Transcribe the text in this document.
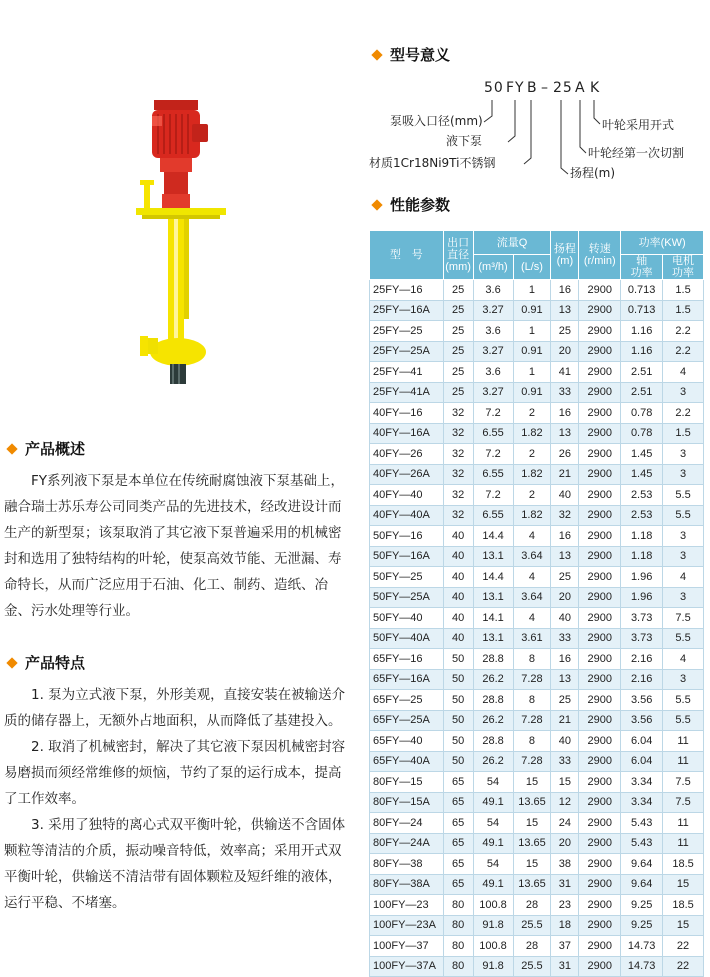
型号意义
50 FY B – 25 A K
泵吸入口径(mm)
液下泵
材质1Cr18Ni9Ti不锈钢
叶轮采用开式
叶轮经第一次切割
扬程(m)
性能参数
型　号	出口
直径
(mm)	流量Q		扬程
(m)	转速
(r/min)	功率(KW)	
		(m³/h)	(L/s)			轴
功率	电机
功率
25FY—16	25	3.6	1	16	2900	0.713	1.5
25FY—16A	25	3.27	0.91	13	2900	0.713	1.5
25FY—25	25	3.6	1	25	2900	1.16	2.2
25FY—25A	25	3.27	0.91	20	2900	1.16	2.2
25FY—41	25	3.6	1	41	2900	2.51	4
25FY—41A	25	3.27	0.91	33	2900	2.51	3
40FY—16	32	7.2	2	16	2900	0.78	2.2
40FY—16A	32	6.55	1.82	13	2900	0.78	1.5
40FY—26	32	7.2	2	26	2900	1.45	3
40FY—26A	32	6.55	1.82	21	2900	1.45	3
40FY—40	32	7.2	2	40	2900	2.53	5.5
40FY—40A	32	6.55	1.82	32	2900	2.53	5.5
50FY—16	40	14.4	4	16	2900	1.18	3
50FY—16A	40	13.1	3.64	13	2900	1.18	3
50FY—25	40	14.4	4	25	2900	1.96	4
50FY—25A	40	13.1	3.64	20	2900	1.96	3
50FY—40	40	14.1	4	40	2900	3.73	7.5
50FY—40A	40	13.1	3.61	33	2900	3.73	5.5
65FY—16	50	28.8	8	16	2900	2.16	4
65FY—16A	50	26.2	7.28	13	2900	2.16	3
65FY—25	50	28.8	8	25	2900	3.56	5.5
65FY—25A	50	26.2	7.28	21	2900	3.56	5.5
65FY—40	50	28.8	8	40	2900	6.04	11
65FY—40A	50	26.2	7.28	33	2900	6.04	11
80FY—15	65	54	15	15	2900	3.34	7.5
80FY—15A	65	49.1	13.65	12	2900	3.34	7.5
80FY—24	65	54	15	24	2900	5.43	11
80FY—24A	65	49.1	13.65	20	2900	5.43	11
80FY—38	65	54	15	38	2900	9.64	18.5
80FY—38A	65	49.1	13.65	31	2900	9.64	15
100FY—23	80	100.8	28	23	2900	9.25	18.5
100FY—23A	80	91.8	25.5	18	2900	9.25	15
100FY—37	80	100.8	28	37	2900	14.73	22
100FY—37A	80	91.8	25.5	31	2900	14.73	22
产品概述

FY系列液下泵是本单位在传统耐腐蚀液下泵基础上，融合瑞士苏乐寿公司同类产品的先进技术，经改进设计而生产的新型泵；该泵取消了其它液下泵普遍采用的机械密封和选用了独特结构的叶轮，使泵高效节能、无泄漏、寿命特长，从而广泛应用于石油、化工、制药、造纸、冶金、污水处理等行业。

产品特点

1. 泵为立式液下泵，外形美观，直接安装在被输送介质的储存器上，无额外占地面积，从而降低了基建投入。

2. 取消了机械密封，解决了其它液下泵因机械密封容易磨损而须经常维修的烦恼，节约了泵的运行成本，提高了工作效率。

3. 采用了独特的离心式双平衡叶轮，供输送不含固体颗粒等清洁的介质，振动噪音特低，效率高；采用开式双平衡叶轮，供输送不清洁带有固体颗粒及短纤维的液体，运行平稳、不堵塞。
